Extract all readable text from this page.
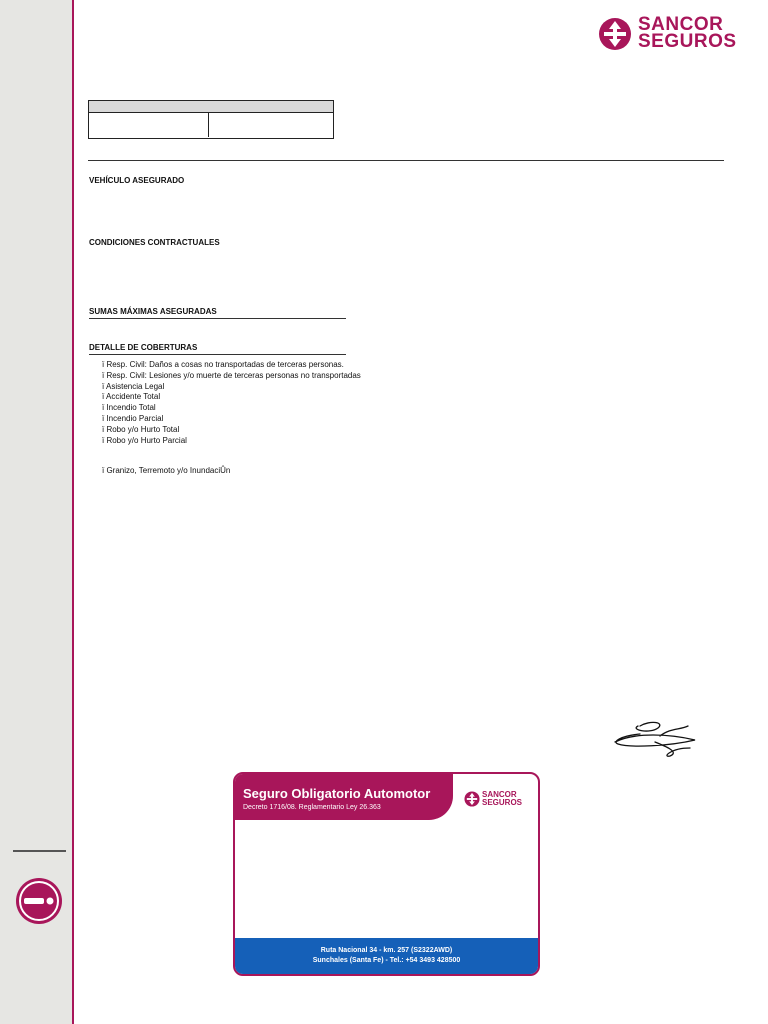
SANCOR
SEGUROS
VEHÍCULO ASEGURADO
CONDICIONES CONTRACTUALES
SUMAS MÁXIMAS ASEGURADAS
DETALLE DE COBERTURAS
ï Resp. Civil: Daños a cosas no transportadas de terceras personas.
ï Resp. Civil: Lesiones y/o muerte de terceras personas no transportadas
ï Asistencia Legal
ï Accidente Total
ï Incendio Total
ï Incendio Parcial
ï Robo y/o Hurto Total
ï Robo y/o Hurto Parcial
ï Granizo, Terremoto y/o InundaciÛn
Seguro Obligatorio Automotor
Decreto 1716/08. Reglamentario Ley 26.363
SANCOR
SEGUROS
Ruta Nacional 34 - km. 257 (S2322AWD)
Sunchales (Santa Fe) - Tel.: +54 3493 428500
